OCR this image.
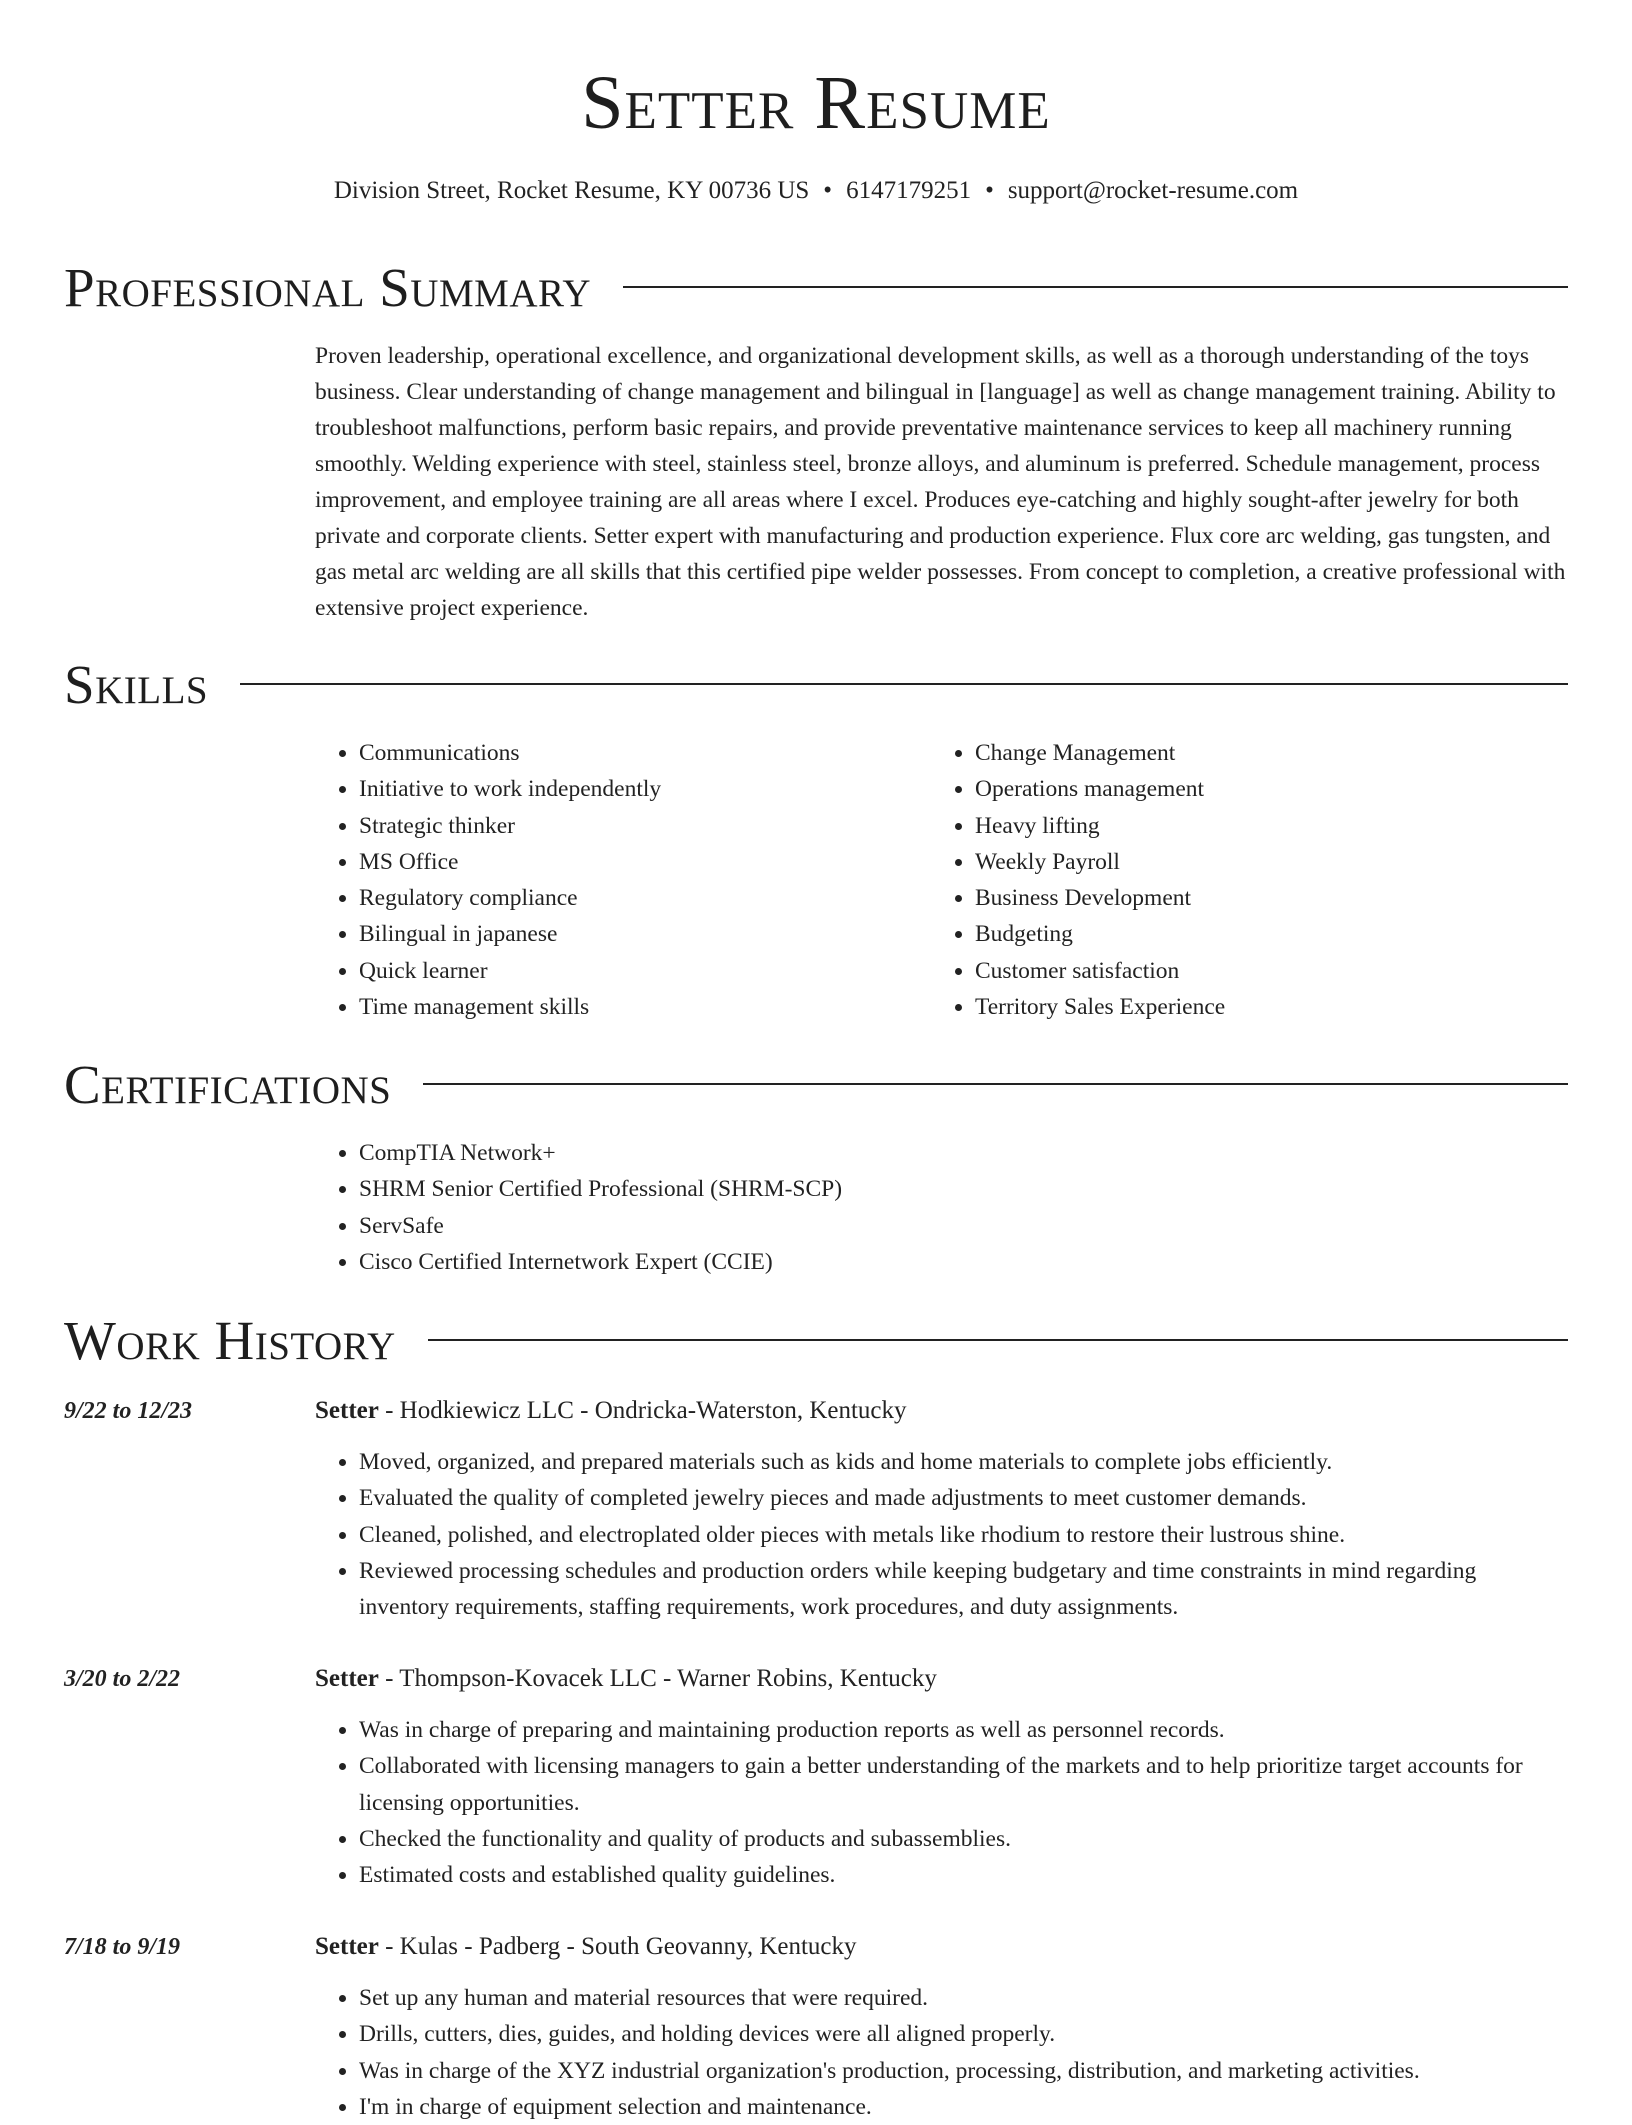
Setter Resume
Division Street, Rocket Resume, KY 00736 US • 6147179251 • support@rocket-resume.com
Professional Summary

Proven leadership, operational excellence, and organizational development skills, as well as a thorough understanding of the toys business. Clear understanding of change management and bilingual in [language] as well as change management training. Ability to troubleshoot malfunctions, perform basic repairs, and provide preventative maintenance services to keep all machinery running smoothly. Welding experience with steel, stainless steel, bronze alloys, and aluminum is preferred. Schedule management, process improvement, and employee training are all areas where I excel. Produces eye-catching and highly sought-after jewelry for both private and corporate clients. Setter expert with manufacturing and production experience. Flux core arc welding, gas tungsten, and gas metal arc welding are all skills that this certified pipe welder possesses. From concept to completion, a creative professional with extensive project experience.

Skills
• Communications
• Initiative to work independently
• Strategic thinker
• MS Office
• Regulatory compliance
• Bilingual in japanese
• Quick learner
• Time management skills
• Change Management
• Operations management
• Heavy lifting
• Weekly Payroll
• Business Development
• Budgeting
• Customer satisfaction
• Territory Sales Experience
Certifications
• CompTIA Network+
• SHRM Senior Certified Professional (SHRM-SCP)
• ServSafe
• Cisco Certified Internetwork Expert (CCIE)
Work History
9/22 to 12/23	Setter - Hodkiewicz LLC - Ondricka-Waterston, Kentucky
• Moved, organized, and prepared materials such as kids and home materials to complete jobs efficiently.
• Evaluated the quality of completed jewelry pieces and made adjustments to meet customer demands.
• Cleaned, polished, and electroplated older pieces with metals like rhodium to restore their lustrous shine.
• Reviewed processing schedules and production orders while keeping budgetary and time constraints in mind regarding inventory requirements, staffing requirements, work procedures, and duty assignments.
3/20 to 2/22	Setter - Thompson-Kovacek LLC - Warner Robins, Kentucky
• Was in charge of preparing and maintaining production reports as well as personnel records.
• Collaborated with licensing managers to gain a better understanding of the markets and to help prioritize target accounts for licensing opportunities.
• Checked the functionality and quality of products and subassemblies.
• Estimated costs and established quality guidelines.
7/18 to 9/19	Setter - Kulas - Padberg - South Geovanny, Kentucky
• Set up any human and material resources that were required.
• Drills, cutters, dies, guides, and holding devices were all aligned properly.
• Was in charge of the XYZ industrial organization's production, processing, distribution, and marketing activities.
• I'm in charge of equipment selection and maintenance.
